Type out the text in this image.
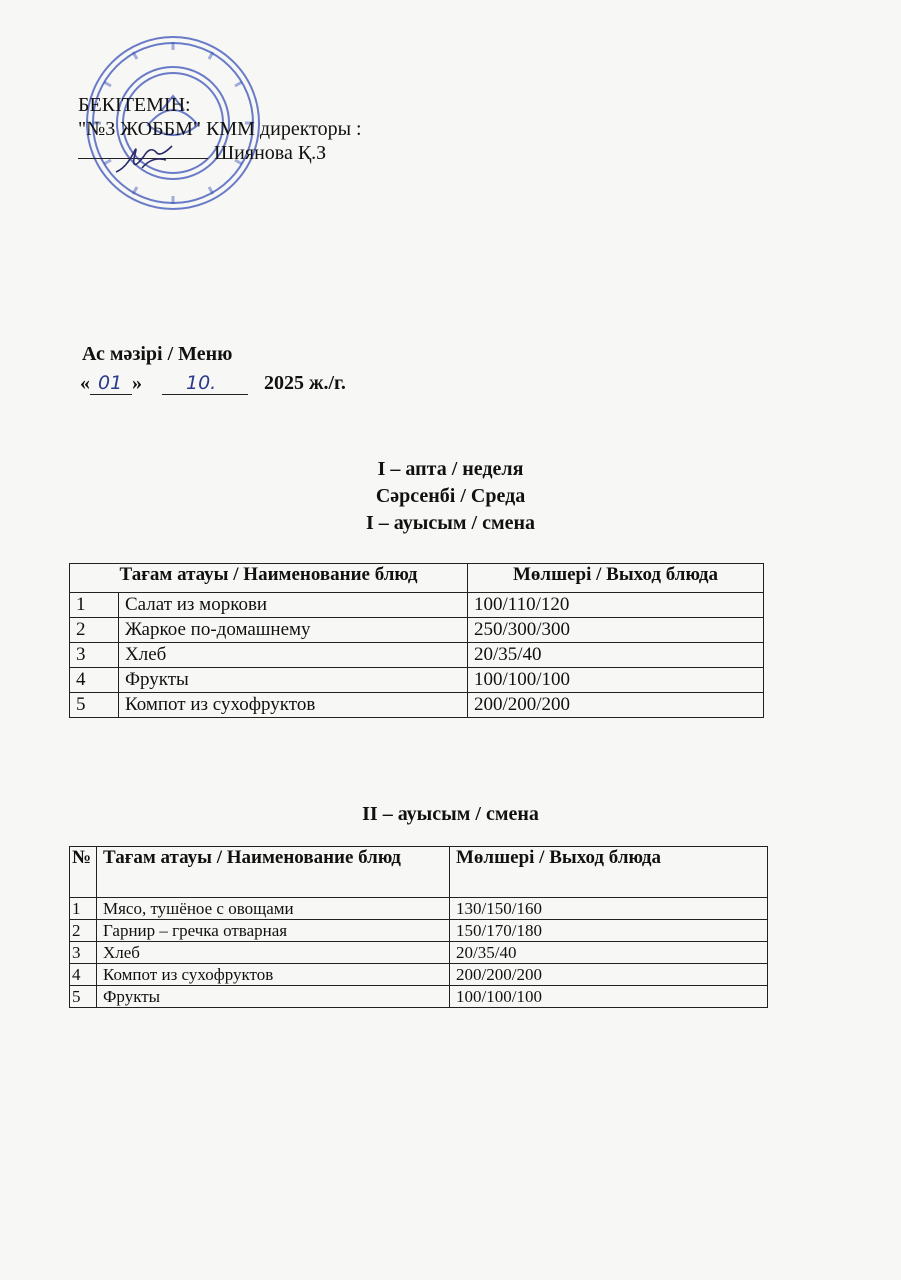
БЕКІТЕМІН:
"№3 ЖОББМ" КММ директоры :
Шиянова Қ.З
Ас мәзірі / Меню
« 01 » 10. 2025 ж./г.
I – апта / неделя
Сәрсенбі / Среда
I – ауысым / смена
Тағам атауы / Наименование блюд		Мөлшері / Выход блюда
1	Салат из моркови	100/110/120
2	Жаркое по-домашнему	250/300/300
3	Хлеб	20/35/40
4	Фрукты	100/100/100
5	Компот из сухофруктов	200/200/200
II – ауысым / смена
№	Тағам атауы / Наименование блюд	Мөлшері / Выход блюда
1	Мясо, тушёное с овощами	130/150/160
2	Гарнир – гречка отварная	150/170/180
3	Хлеб	20/35/40
4	Компот из сухофруктов	200/200/200
5	Фрукты	100/100/100
